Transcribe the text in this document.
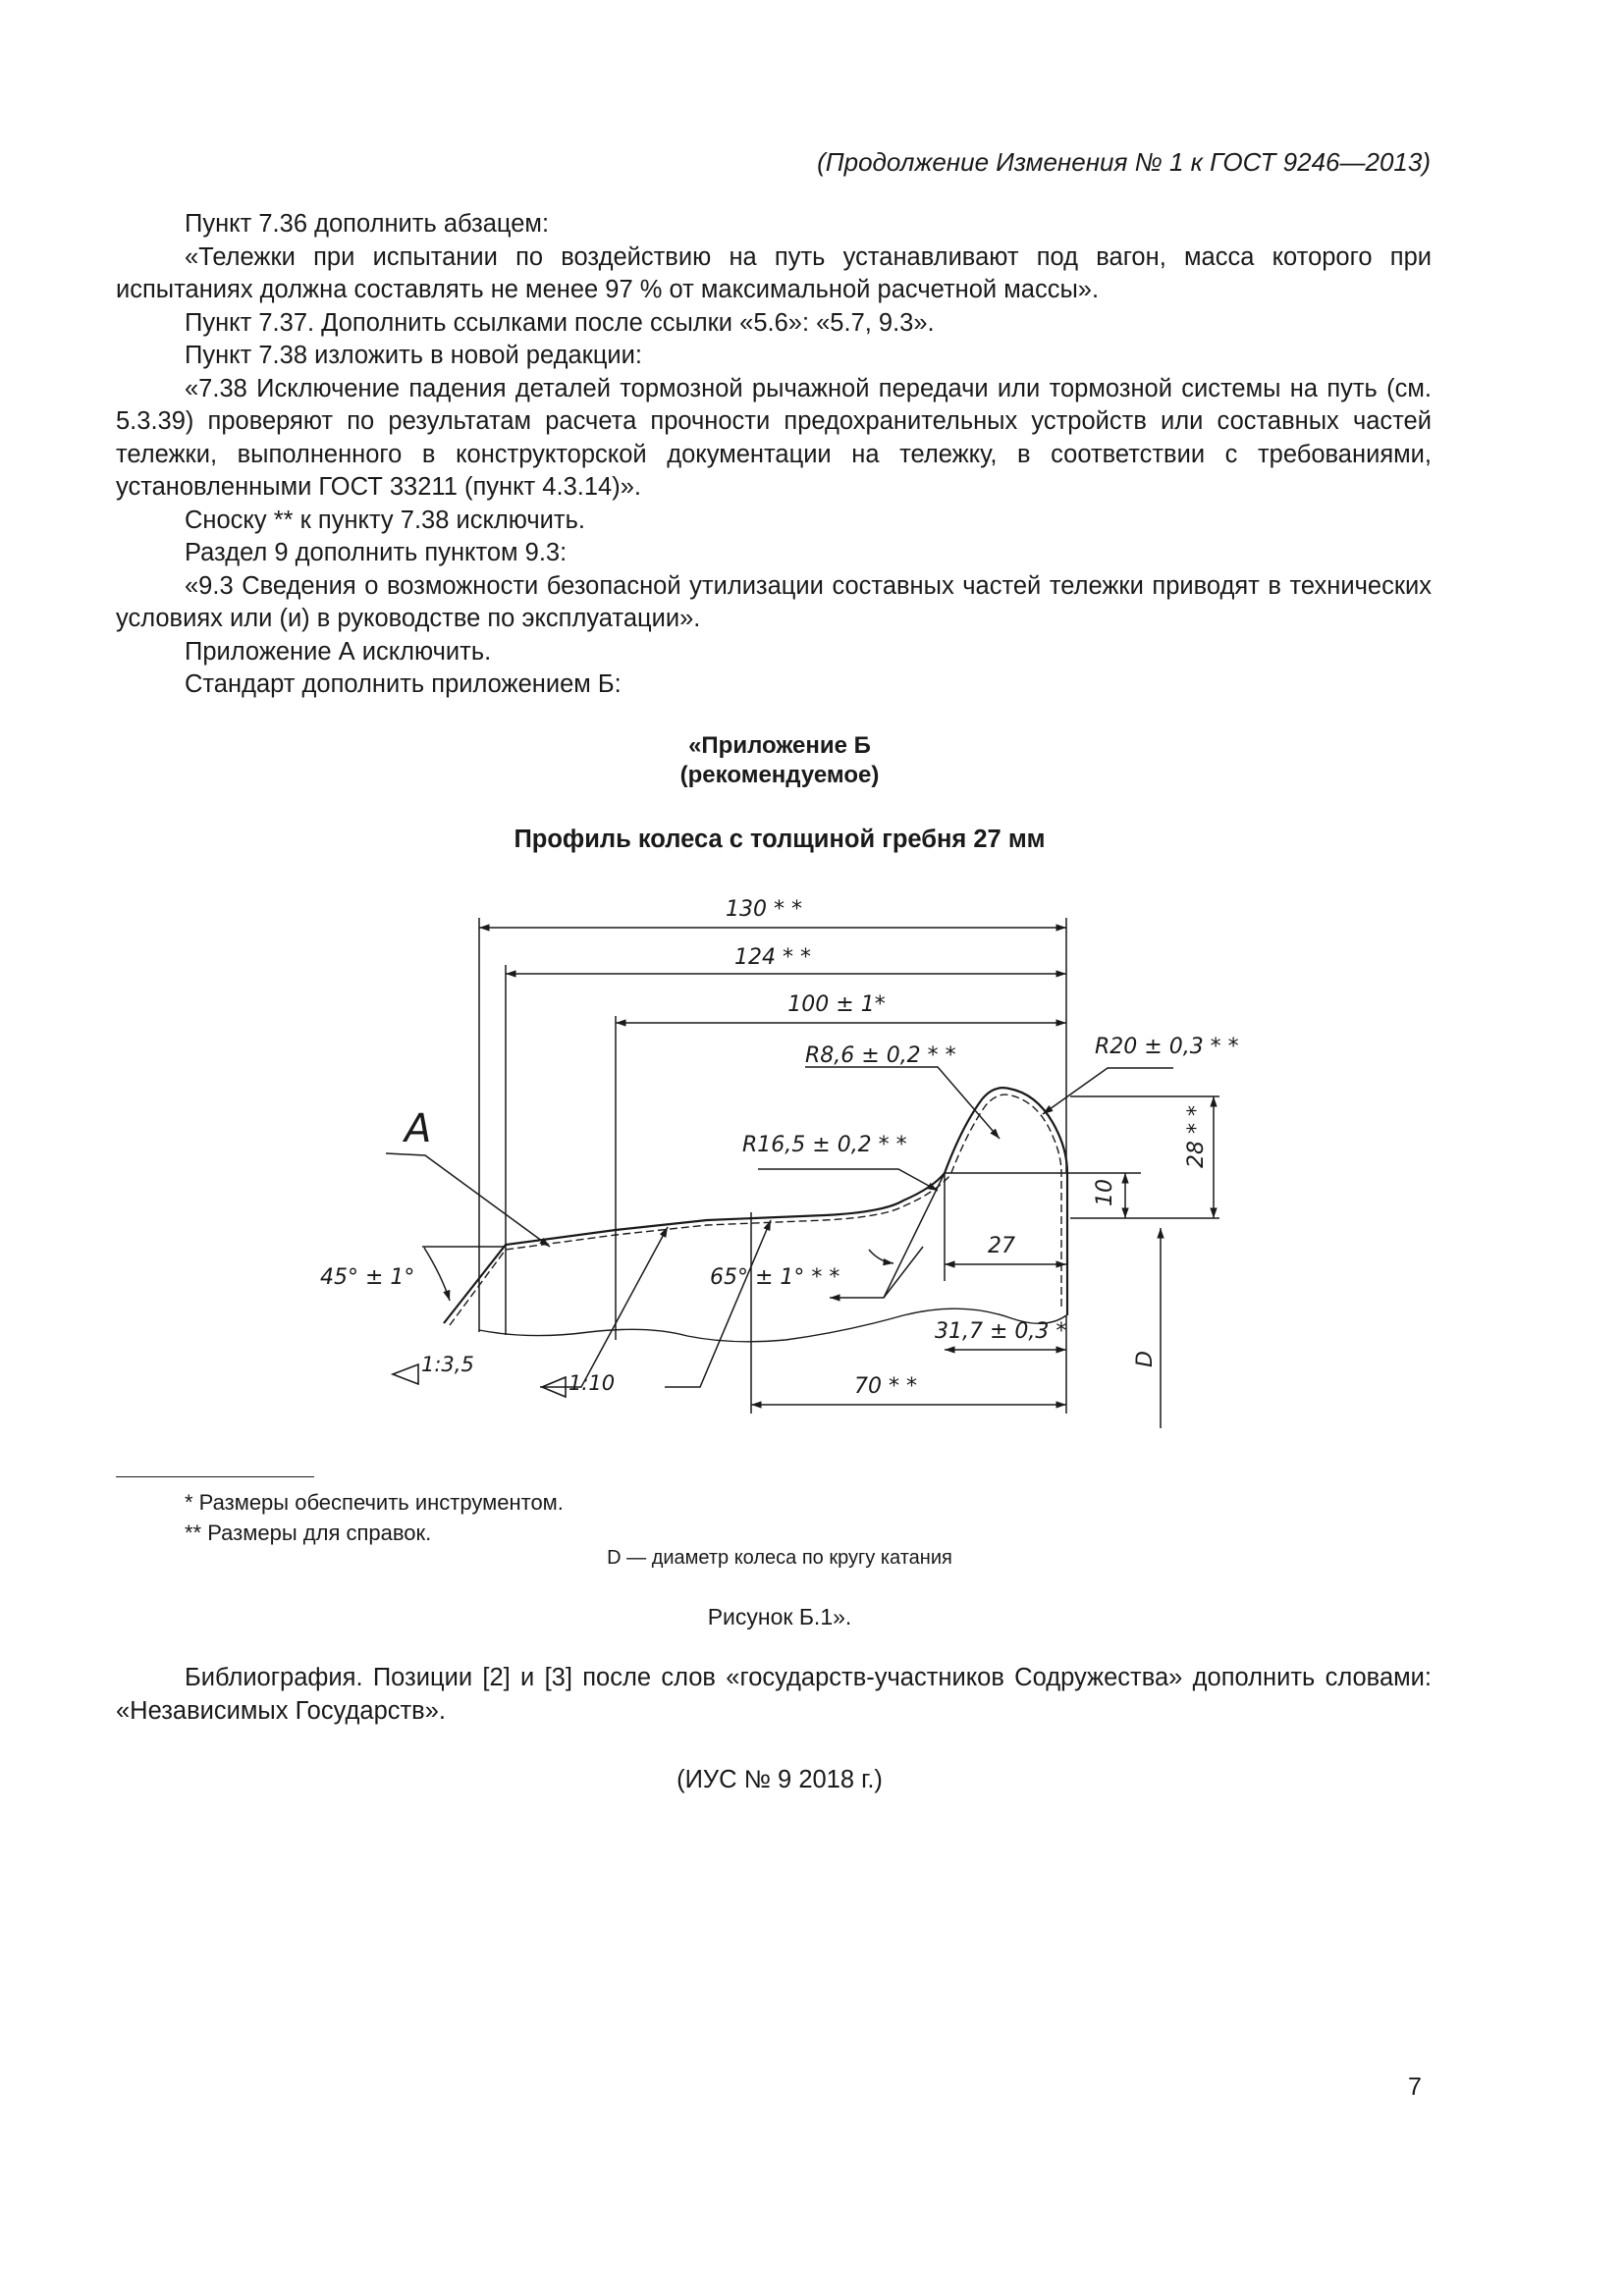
(Продолжение Изменения № 1 к ГОСТ 9246—2013)

Пункт 7.36 дополнить абзацем:

«Тележки при испытании по воздействию на путь устанавливают под вагон, масса которого при испытаниях должна составлять не менее 97 % от максимальной расчетной массы».

Пункт 7.37. Дополнить ссылками после ссылки «5.6»: «5.7, 9.3».

Пункт 7.38 изложить в новой редакции:

«7.38 Исключение падения деталей тормозной рычажной передачи или тормозной системы на путь (см. 5.3.39) проверяют по результатам расчета прочности предохранительных устройств или составных частей тележки, выполненного в конструкторской документации на тележку, в соответствии с требованиями, установленными ГОСТ 33211 (пункт 4.3.14)».

Сноску ** к пункту 7.38 исключить.

Раздел 9 дополнить пунктом 9.3:

«9.3 Сведения о возможности безопасной утилизации составных частей тележки приводят в технических условиях или (и) в руководстве по эксплуатации».

Приложение А исключить.

Стандарт дополнить приложением Б:

«Приложение Б
(рекомендуемое)
Профиль колеса с толщиной гребня 27 мм
130 * *
124 * *
100 ± 1*
R8,6 ± 0,2 * *	R20 ± 0,3 * *
R16,5 ± 0,2 * *
A	28 * *
10
27
45° ± 1°	65° ± 1° * *
31,7 ± 0,3 *
70 * *
D
1:3,5
1:10
* Размеры обеспечить инструментом.
** Размеры для справок.
D — диаметр колеса по кругу катания
Рисунок Б.1».

Библиография. Позиции [2] и [3] после слов «государств-участников Содружества» дополнить словами: «Независимых Государств».

(ИУС № 9 2018 г.)
7
